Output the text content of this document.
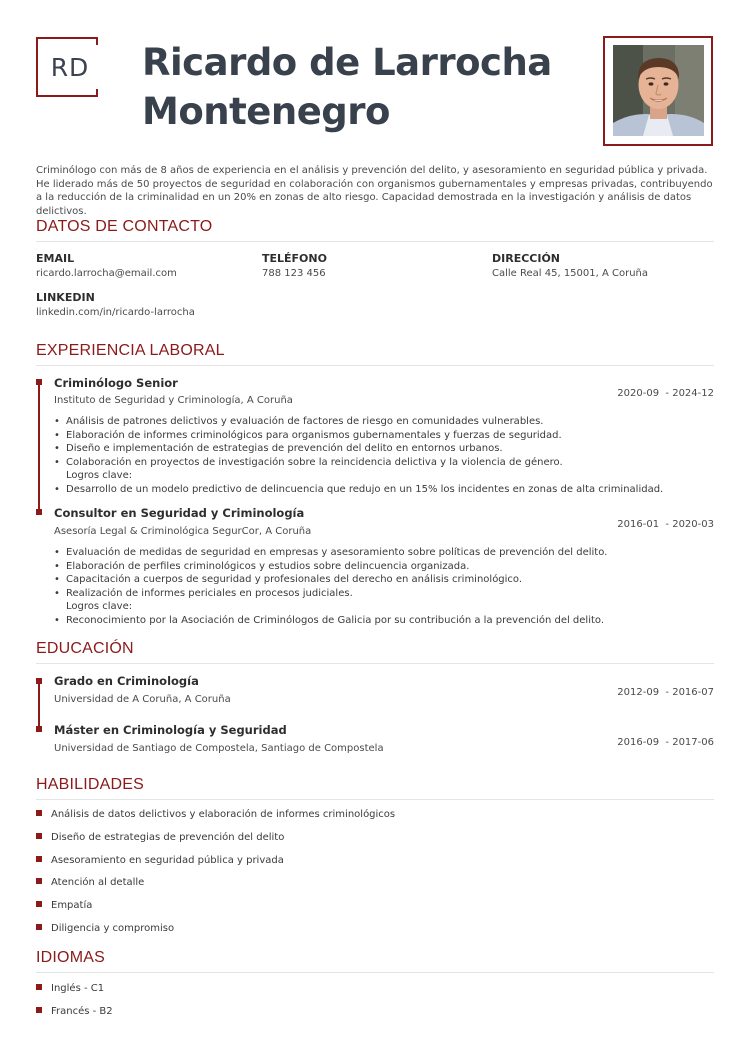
RD	Ricardo de Larrocha
Montenegro
Criminólogo con más de 8 años de experiencia en el análisis y prevención del delito, y asesoramiento en seguridad pública y privada. He liderado más de 50 proyectos de seguridad en colaboración con organismos gubernamentales y empresas privadas, contribuyendo a la reducción de la criminalidad en un 20% en zonas de alto riesgo. Capacidad demostrada en la investigación y análisis de datos delictivos.
DATOS DE CONTACTO
EMAIL
ricardo.larrocha@email.com
TELÉFONO
788 123 456
DIRECCIÓN
Calle Real 45, 15001, A Coruña
LINKEDIN
linkedin.com/in/ricardo-larrocha
EXPERIENCIA LABORAL
Criminólogo Senior
Instituto de Seguridad y Criminología, A Coruña
2020-09  - 2024-12
• Análisis de patrones delictivos y evaluación de factores de riesgo en comunidades vulnerables.
• Elaboración de informes criminológicos para organismos gubernamentales y fuerzas de seguridad.
• Diseño e implementación de estrategias de prevención del delito en entornos urbanos.
• Colaboración en proyectos de investigación sobre la reincidencia delictiva y la violencia de género.
Logros clave:
• Desarrollo de un modelo predictivo de delincuencia que redujo en un 15% los incidentes en zonas de alta criminalidad.
Consultor en Seguridad y Criminología
Asesoría Legal & Criminológica SegurCor, A Coruña
2016-01  - 2020-03
• Evaluación de medidas de seguridad en empresas y asesoramiento sobre políticas de prevención del delito.
• Elaboración de perfiles criminológicos y estudios sobre delincuencia organizada.
• Capacitación a cuerpos de seguridad y profesionales del derecho en análisis criminológico.
• Realización de informes periciales en procesos judiciales.
Logros clave:
• Reconocimiento por la Asociación de Criminólogos de Galicia por su contribución a la prevención del delito.
EDUCACIÓN
Grado en Criminología
Universidad de A Coruña, A Coruña
2012-09  - 2016-07
Máster en Criminología y Seguridad
Universidad de Santiago de Compostela, Santiago de Compostela
2016-09  - 2017-06
HABILIDADES
Análisis de datos delictivos y elaboración de informes criminológicos
Diseño de estrategias de prevención del delito
Asesoramiento en seguridad pública y privada
Atención al detalle
Empatía
Diligencia y compromiso
IDIOMAS
Inglés - C1
Francés - B2
